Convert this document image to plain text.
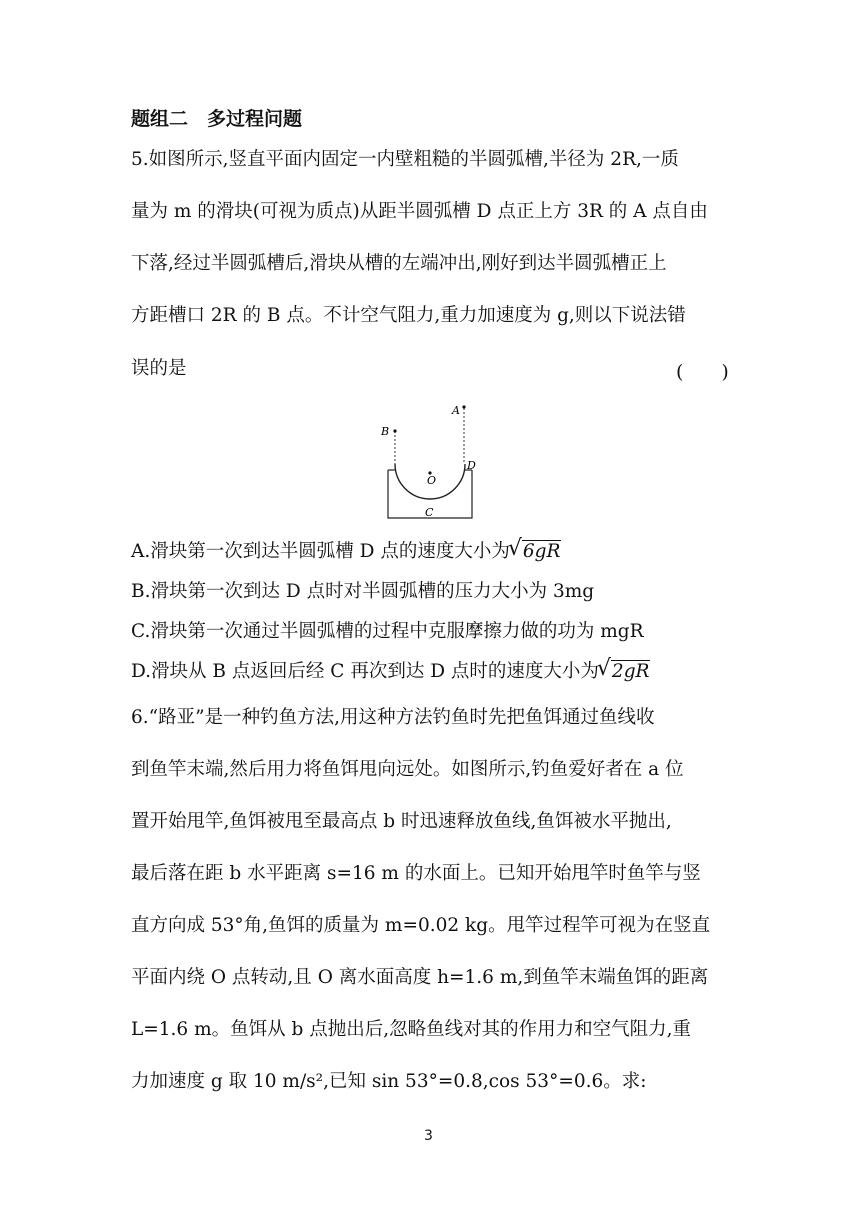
题组二　多过程问题
5.如图所示,竖直平面内固定一内壁粗糙的半圆弧槽,半径为 2R,一质
量为 m 的滑块(可视为质点)从距半圆弧槽 D 点正上方 3R 的 A 点自由
下落,经过半圆弧槽后,滑块从槽的左端冲出,刚好到达半圆弧槽正上
方距槽口 2R 的 B 点。不计空气阻力,重力加速度为 g,则以下说法错
误的是	(　　)
B
A
O
D
C
A.滑块第一次到达半圆弧槽 D 点的速度大小为 √ 6gR
B.滑块第一次到达 D 点时对半圆弧槽的压力大小为 3mg
C.滑块第一次通过半圆弧槽的过程中克服摩擦力做的功为 mgR
D.滑块从 B 点返回后经 C 再次到达 D 点时的速度大小为 √ 2gR
6.“路亚”是一种钓鱼方法,用这种方法钓鱼时先把鱼饵通过鱼线收
到鱼竿末端,然后用力将鱼饵甩向远处。如图所示,钓鱼爱好者在 a 位
置开始甩竿,鱼饵被甩至最高点 b 时迅速释放鱼线,鱼饵被水平抛出,
最后落在距 b 水平距离 s=16 m 的水面上。已知开始甩竿时鱼竿与竖
直方向成 53°角,鱼饵的质量为 m=0.02 kg。甩竿过程竿可视为在竖直
平面内绕 O 点转动,且 O 离水面高度 h=1.6 m,到鱼竿末端鱼饵的距离
L=1.6 m。鱼饵从 b 点抛出后,忽略鱼线对其的作用力和空气阻力,重
力加速度 g 取 10 m/s²,已知 sin 53°=0.8,cos 53°=0.6。求:
3
